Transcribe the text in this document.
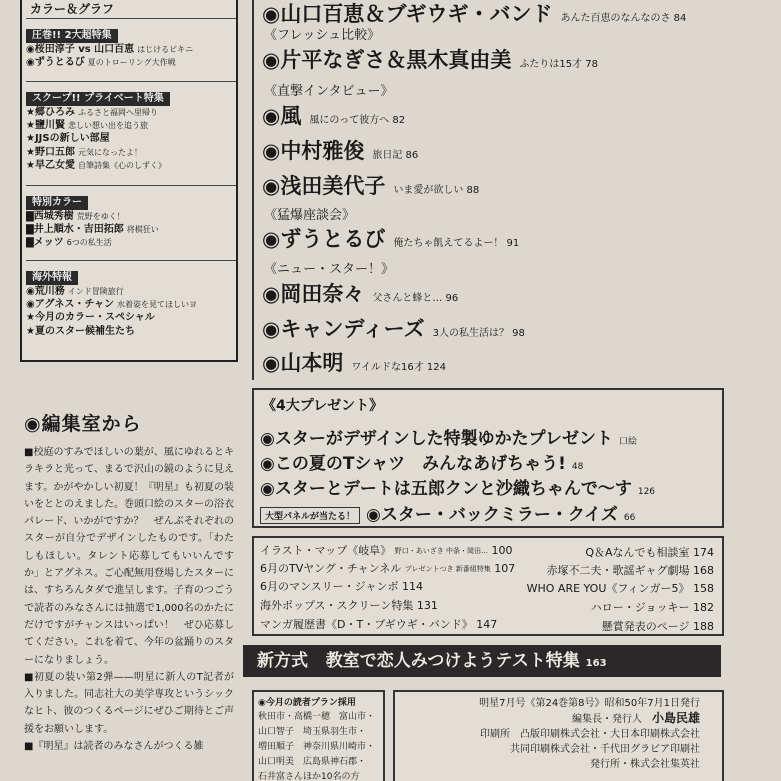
カラー＆グラフ
圧巻!! 2大超特集
◉桜田淳子 vs 山口百恵 はじけるビキニ
◉ずうとるび 夏のトローリング大作戦
スクープ!! プライベート特集
★郷ひろみ ふるさと福岡へ里帰り
★鹽川賢 悲しい想い出を追う旅
★JJSの新しい部屋
★野口五郎 元気になったよ！
★早乙女愛 自筆詩集《心のしずく》
特別カラー
▇西城秀樹 荒野をゆく！
▇井上順水・吉田拓郎 将棋狂い
▇メッツ 6つの私生活
海外特報
◉荒川務 インド冒険旅行
◉アグネス・チャン 水着姿を見てほしいヨ
★今月のカラー・スペシャル
★夏のスター候補生たち
◉編集室から

■校庭のすみでほしいの葉が、風にゆれるとキラキラと光って、まるで沢山の鏡のように見えます。かがやかしい初夏！『明星』も初夏の装いをととのえました。巻頭口絵のスターの浴衣パレード、いかがですか？　ぜんぶそれぞれのスターが自分でデザインしたものです。「わたしもほしい。タレント応募してもいいんですか」とアグネス。ご心配無用登場したスターには、すちろんタダで進呈します。子育のつごうで読者のみなさんには抽選で1,000名のかたにだけですがチャンスはいっぱい！　ぜひ応募してください。これを着て、今年の盆踊りのスターになりましょう。

■初夏の装い第2弾——明星に新人のT記者が入りました。同志社大の美学専攻というシックなヒト、彼のつくるページにぜひご期待とご声援をお願いします。

■『明星』は読者のみなさんがつくる雑

◉山口百恵＆ブギウギ・バンド あんた百恵のなんなのさ 84
《フレッシュ比較》
◉片平なぎさ＆黒木真由美 ふたりは15才 78
《直撃インタビュー》
◉風 風にのって彼方へ 82
◉中村雅俊 旅日記 86
◉浅田美代子 いま愛が欲しい 88
《猛爆座談会》
◉ずうとるび 俺たちゃ飢えてるよー！ 91
《ニュー・スター！》
◉岡田奈々 父さんと蜂と… 96
◉キャンディーズ 3人の私生活は？ 98
◉山本明 ワイルドな16才 124
《4大プレゼント》
◉スターがデザインした特製ゆかたプレゼント 口絵
◉この夏のTシャツ　みんなあげちゃう! 48
◉スターとデートは五郎クンと沙織ちゃんで〜す 126
大型パネルが当たる！ ◉スター・バックミラー・クイズ 66
イラスト・マップ《岐阜》 野口・あいざき 中条・岡田… 100
6月のTVヤング・チャンネル プレゼントつき 新番組特集 107
6月のマンスリー・ジャンボ 114
海外ポップス・スクリーン特集 131
マンガ履歴書《D・T・ブギウギ・バンド》 147
Q＆Aなんでも相談室 174
赤塚不二夫・歌謡ギャグ劇場 168
WHO ARE YOU《フィンガー5》 158
ハロー・ジョッキー 182
懸賞発表のページ 188
新方式 教室で恋人みつけようテスト特集 163
◉今月の読者プラン採用
秋田市・高橋一穂　富山市・
山口智子　埼玉県羽生市・
増田順子　神奈川県川崎市・
山口明美　広島県神石郡・
石井富さんほか10名の方
明星7月号《第24巻第8号》昭和50年7月1日発行
編集長・発行人　小島民雄
印刷所　凸版印刷株式会社・大日本印刷株式会社
共同印刷株式会社・千代田グラビア印刷社
発行所・株式会社集英社
